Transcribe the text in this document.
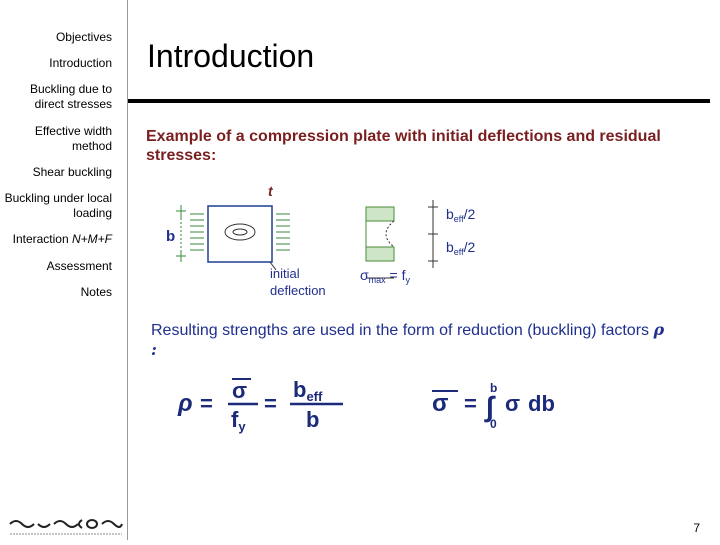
Objectives
Introduction
Buckling due to direct stresses
Effective width method
Shear buckling
Buckling under local loading
Interaction N+M+F
Assessment
Notes
Introduction
Example of a compression plate with initial deflections and residual stresses:
t
b
initial
deflection
$b_{eff}/2$
$b_{eff}/2$
$\sigma_{max} = f_y$
Resulting strengths are used in the form of reduction (buckling) factors ρ :
ρ =
σ
fy
=
beff
b
σ =
b
∫
0
σ db
7
